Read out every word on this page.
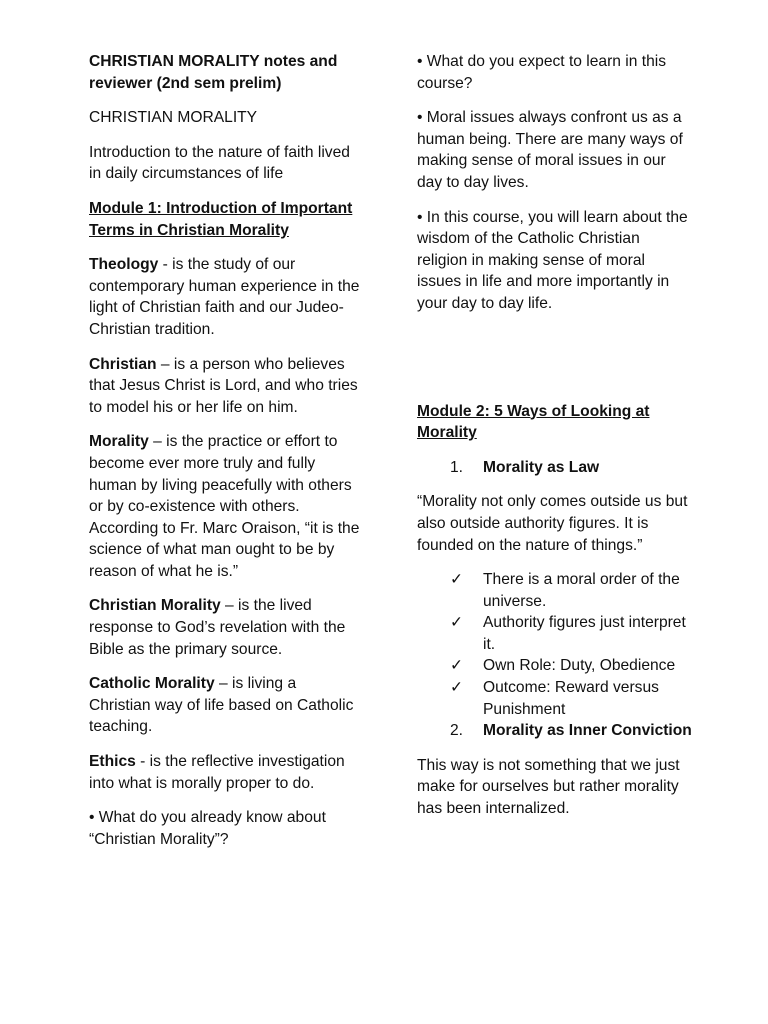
CHRISTIAN MORALITY notes and reviewer (2nd sem prelim)

CHRISTIAN MORALITY

Introduction to the nature of faith lived in daily circumstances of life

Module 1: Introduction of Important Terms in Christian Morality

Theology - is the study of our contemporary human experience in the light of Christian faith and our Judeo-Christian tradition.

Christian – is a person who believes that Jesus Christ is Lord, and who tries to model his or her life on him.

Morality – is the practice or effort to become ever more truly and fully human by living peacefully with others or by co-existence with others. According to Fr. Marc Oraison, “it is the science of what man ought to be by reason of what he is.”

Christian Morality – is the lived response to God’s revelation with the Bible as the primary source.

Catholic Morality – is living a Christian way of life based on Catholic teaching.

Ethics - is the reflective investigation into what is morally proper to do.

• What do you already know about “Christian Morality”?

• What do you expect to learn in this course?

• Moral issues always confront us as a human being. There are many ways of making sense of moral issues in our day to day lives.

• In this course, you will learn about the wisdom of the Catholic Christian religion in making sense of moral issues in life and more importantly in your day to day life.

Module 2: 5 Ways of Looking at Morality

1.	Morality as Law

“Morality not only comes outside us but also outside authority figures. It is founded on the nature of things.”

✓	There is a moral order of the universe.
✓	Authority figures just interpret it.
✓	Own Role: Duty, Obedience
✓	Outcome: Reward versus Punishment
2.	Morality as Inner Conviction

This way is not something that we just make for ourselves but rather morality has been internalized.
